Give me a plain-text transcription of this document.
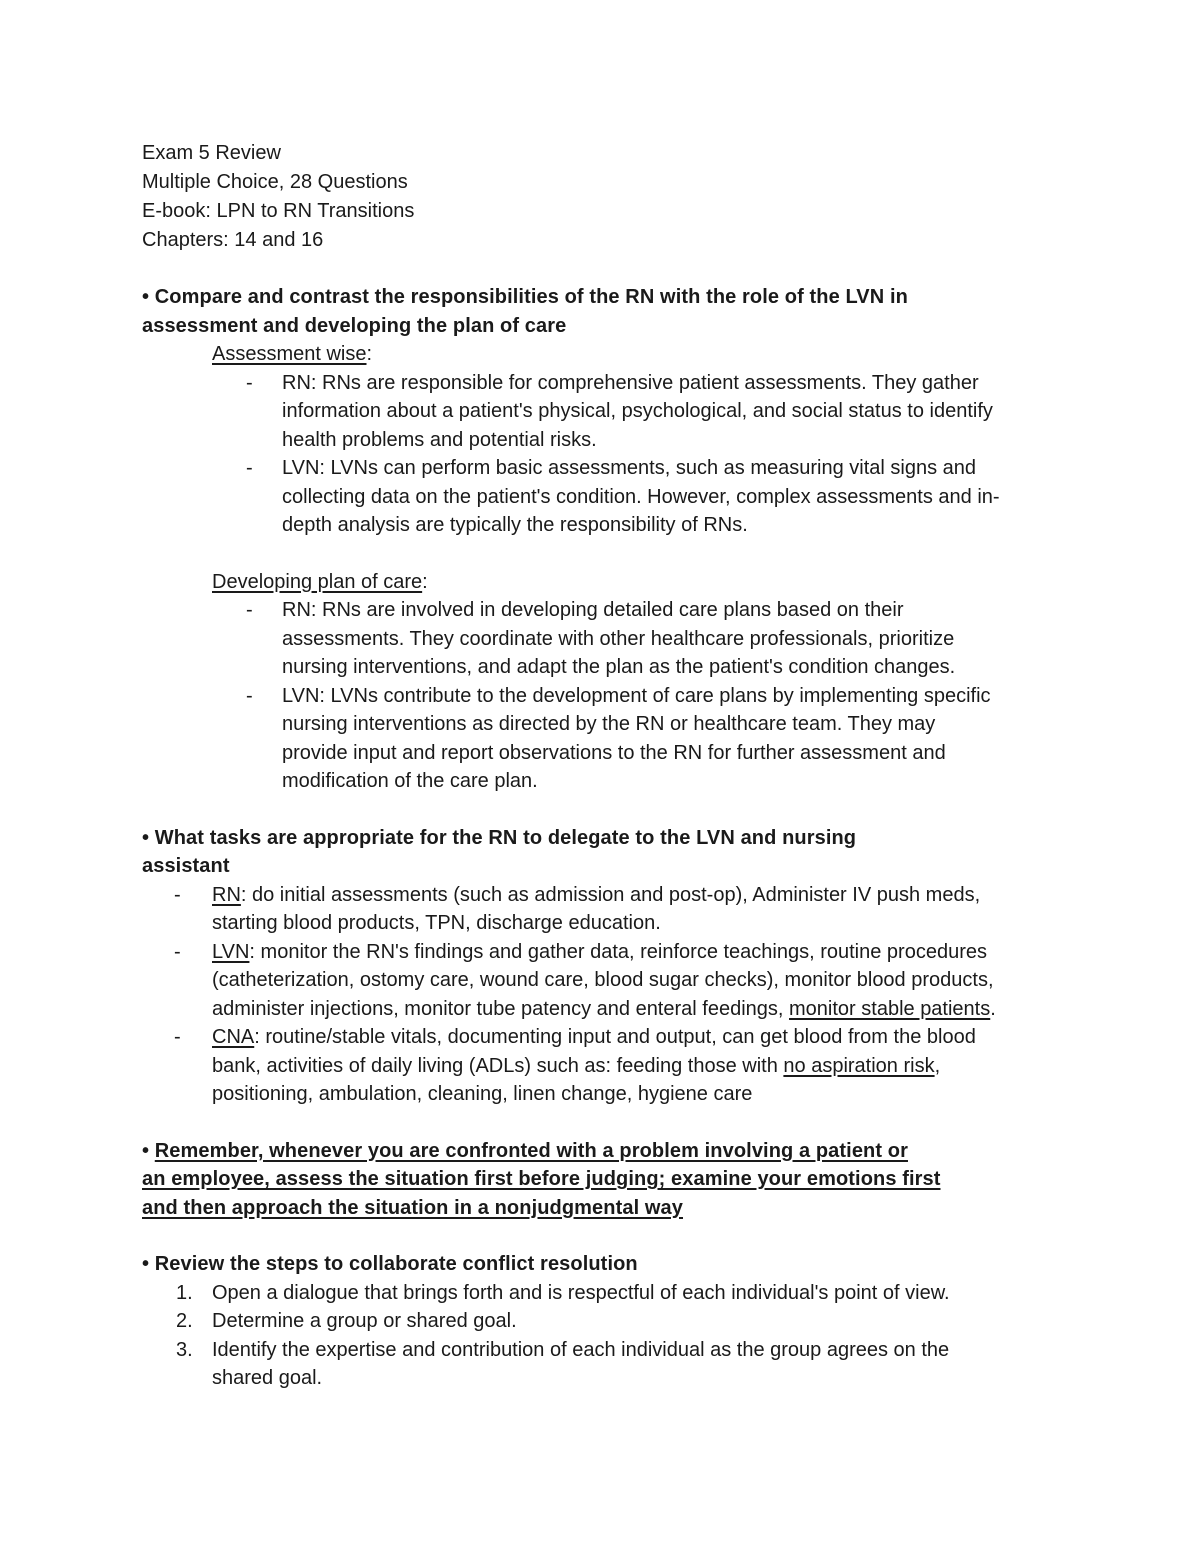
Exam 5 Review
Multiple Choice, 28 Questions
E-book: LPN to RN Transitions
Chapters: 14 and 16
• Compare and contrast the responsibilities of the RN with the role of the LVN in
assessment and developing the plan of care
Assessment wise:
- RN: RNs are responsible for comprehensive patient assessments. They gather
information about a patient's physical, psychological, and social status to identify
health problems and potential risks.
- LVN: LVNs can perform basic assessments, such as measuring vital signs and
collecting data on the patient's condition. However, complex assessments and in-
depth analysis are typically the responsibility of RNs.
Developing plan of care:
- RN: RNs are involved in developing detailed care plans based on their
assessments. They coordinate with other healthcare professionals, prioritize
nursing interventions, and adapt the plan as the patient's condition changes.
- LVN: LVNs contribute to the development of care plans by implementing specific
nursing interventions as directed by the RN or healthcare team. They may
provide input and report observations to the RN for further assessment and
modification of the care plan.
• What tasks are appropriate for the RN to delegate to the LVN and nursing
assistant
- RN: do initial assessments (such as admission and post-op), Administer IV push meds,
starting blood products, TPN, discharge education.
- LVN: monitor the RN's findings and gather data, reinforce teachings, routine procedures
(catheterization, ostomy care, wound care, blood sugar checks), monitor blood products,
administer injections, monitor tube patency and enteral feedings, monitor stable patients.
- CNA: routine/stable vitals, documenting input and output, can get blood from the blood
bank, activities of daily living (ADLs) such as: feeding those with no aspiration risk,
positioning, ambulation, cleaning, linen change, hygiene care
• Remember, whenever you are confronted with a problem involving a patient or
an employee, assess the situation first before judging; examine your emotions first
and then approach the situation in a nonjudgmental way
• Review the steps to collaborate conflict resolution
1. Open a dialogue that brings forth and is respectful of each individual's point of view.
2. Determine a group or shared goal.
3. Identify the expertise and contribution of each individual as the group agrees on the
shared goal.
